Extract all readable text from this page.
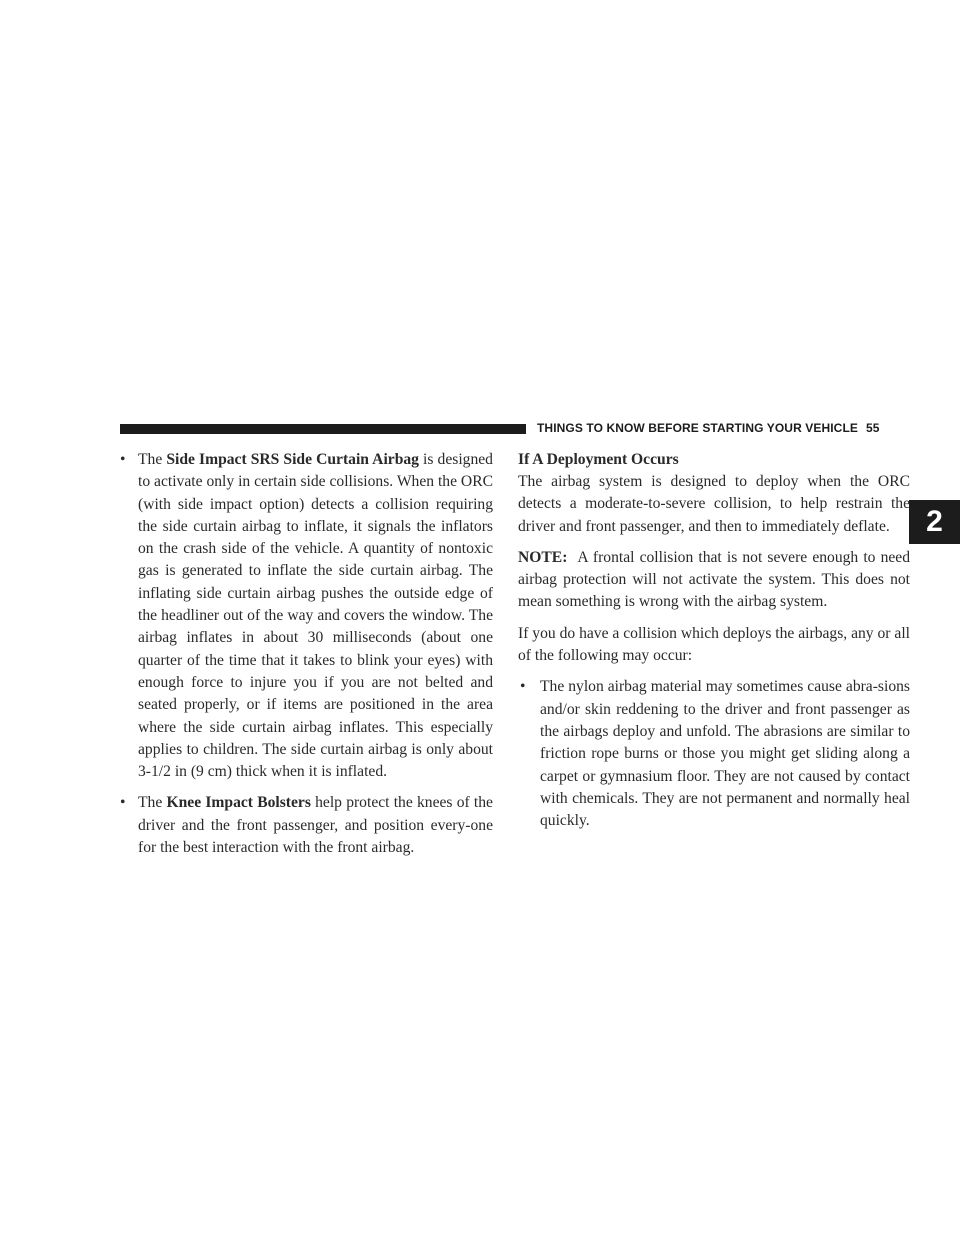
THINGS TO KNOW BEFORE STARTING YOUR VEHICLE 55
2
• The Side Impact SRS Side Curtain Airbag is designed to activate only in certain side collisions. When the ORC (with side impact option) detects a collision requiring the side curtain airbag to inflate, it signals the inflators on the crash side of the vehicle. A quantity of nontoxic gas is generated to inflate the side curtain airbag. The inflating side curtain airbag pushes the outside edge of the headliner out of the way and covers the window. The airbag inflates in about 30 milliseconds (about one quarter of the time that it takes to blink your eyes) with enough force to injure you if you are not belted and seated properly, or if items are positioned in the area where the side curtain airbag inflates. This especially applies to children. The side curtain airbag is only about 3-1/2 in (9 cm) thick when it is inflated.
• The Knee Impact Bolsters help protect the knees of the driver and the front passenger, and position every-one for the best interaction with the front airbag.
If A Deployment Occurs

The airbag system is designed to deploy when the ORC detects a moderate-to-severe collision, to help restrain the driver and front passenger, and then to immediately deflate.

NOTE: A frontal collision that is not severe enough to need airbag protection will not activate the system. This does not mean something is wrong with the airbag system.

If you do have a collision which deploys the airbags, any or all of the following may occur:

• The nylon airbag material may sometimes cause abra-sions and/or skin reddening to the driver and front passenger as the airbags deploy and unfold. The abrasions are similar to friction rope burns or those you might get sliding along a carpet or gymnasium floor. They are not caused by contact with chemicals. They are not permanent and normally heal quickly.
